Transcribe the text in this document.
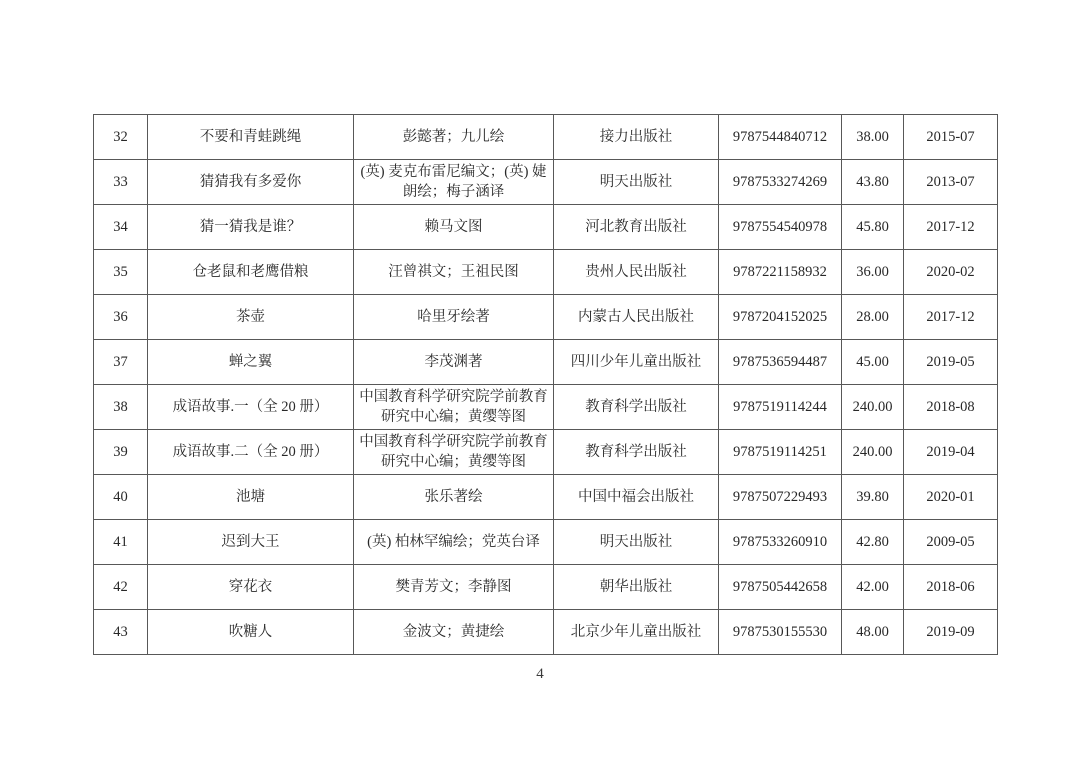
32	不要和青蛙跳绳	彭懿著；九儿绘	接力出版社	9787544840712	38.00	2015-07
33	猜猜我有多爱你	(英) 麦克布雷尼编文；(英) 婕朗绘；梅子涵译	明天出版社	9787533274269	43.80	2013-07
34	猜一猜我是谁？	赖马文图	河北教育出版社	9787554540978	45.80	2017-12
35	仓老鼠和老鹰借粮	汪曾祺文；王祖民图	贵州人民出版社	9787221158932	36.00	2020-02
36	茶壶	哈里牙绘著	内蒙古人民出版社	9787204152025	28.00	2017-12
37	蝉之翼	李茂渊著	四川少年儿童出版社	9787536594487	45.00	2019-05
38	成语故事.一（全 20 册）	中国教育科学研究院学前教育研究中心编；黄缨等图	教育科学出版社	9787519114244	240.00	2018-08
39	成语故事.二（全 20 册）	中国教育科学研究院学前教育研究中心编；黄缨等图	教育科学出版社	9787519114251	240.00	2019-04
40	池塘	张乐著绘	中国中福会出版社	9787507229493	39.80	2020-01
41	迟到大王	(英) 柏林罕编绘；党英台译	明天出版社	9787533260910	42.80	2009-05
42	穿花衣	樊青芳文；李静图	朝华出版社	9787505442658	42.00	2018-06
43	吹糖人	金波文；黄捷绘	北京少年儿童出版社	9787530155530	48.00	2019-09
4
